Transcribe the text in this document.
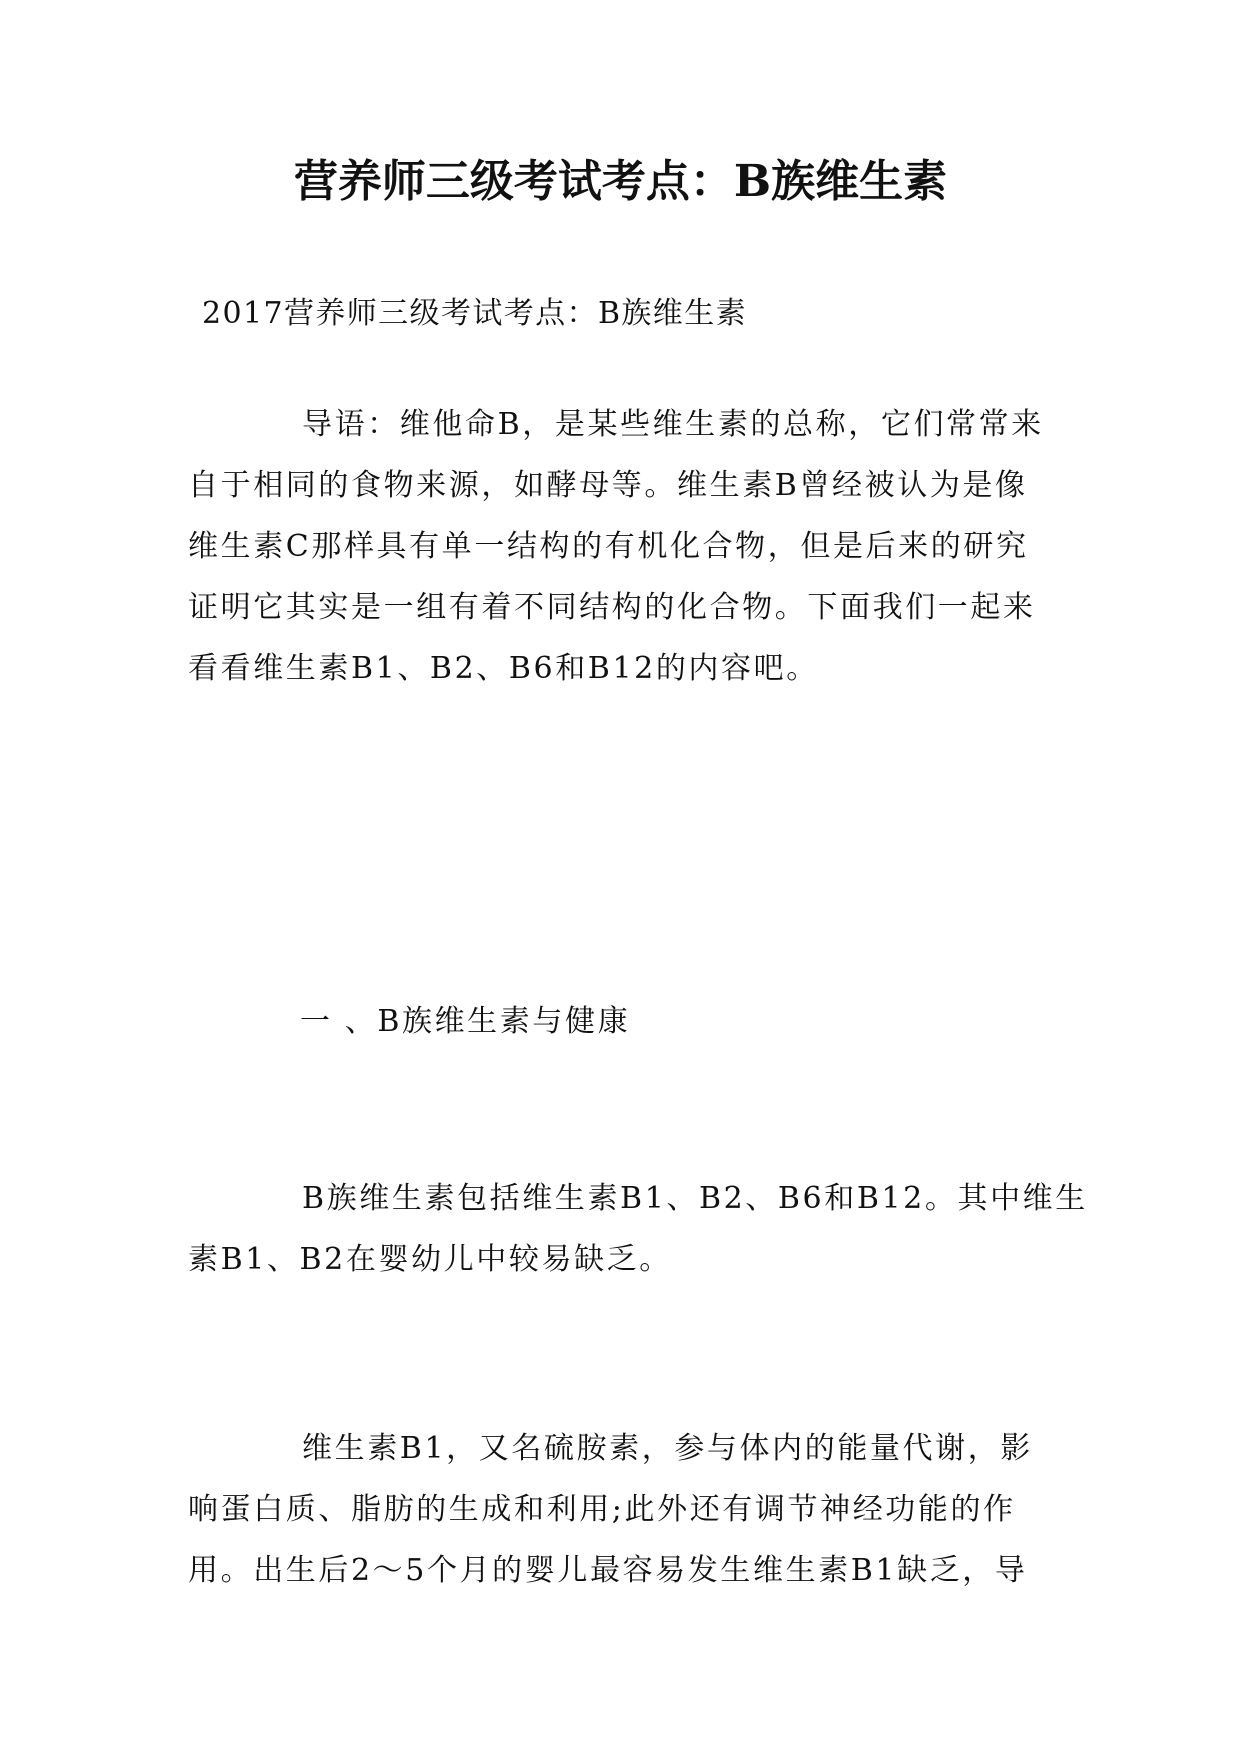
营养师三级考试考点：B族维生素
2017营养师三级考试考点：B族维生素
导语：维他命B，是某些维生素的总称，它们常常来
自于相同的食物来源，如酵母等。维生素B曾经被认为是像
维生素C那样具有单一结构的有机化合物，但是后来的研究
证明它其实是一组有着不同结构的化合物。下面我们一起来
看看维生素B1、B2、B6和B12的内容吧。
一 、B族维生素与健康
B族维生素包括维生素B1、B2、B6和B12。其中维生
素B1、B2在婴幼儿中较易缺乏。
维生素B1，又名硫胺素，参与体内的能量代谢，影
响蛋白质、脂肪的生成和利用;此外还有调节神经功能的作
用。出生后2～5个月的婴儿最容易发生维生素B1缺乏，导
